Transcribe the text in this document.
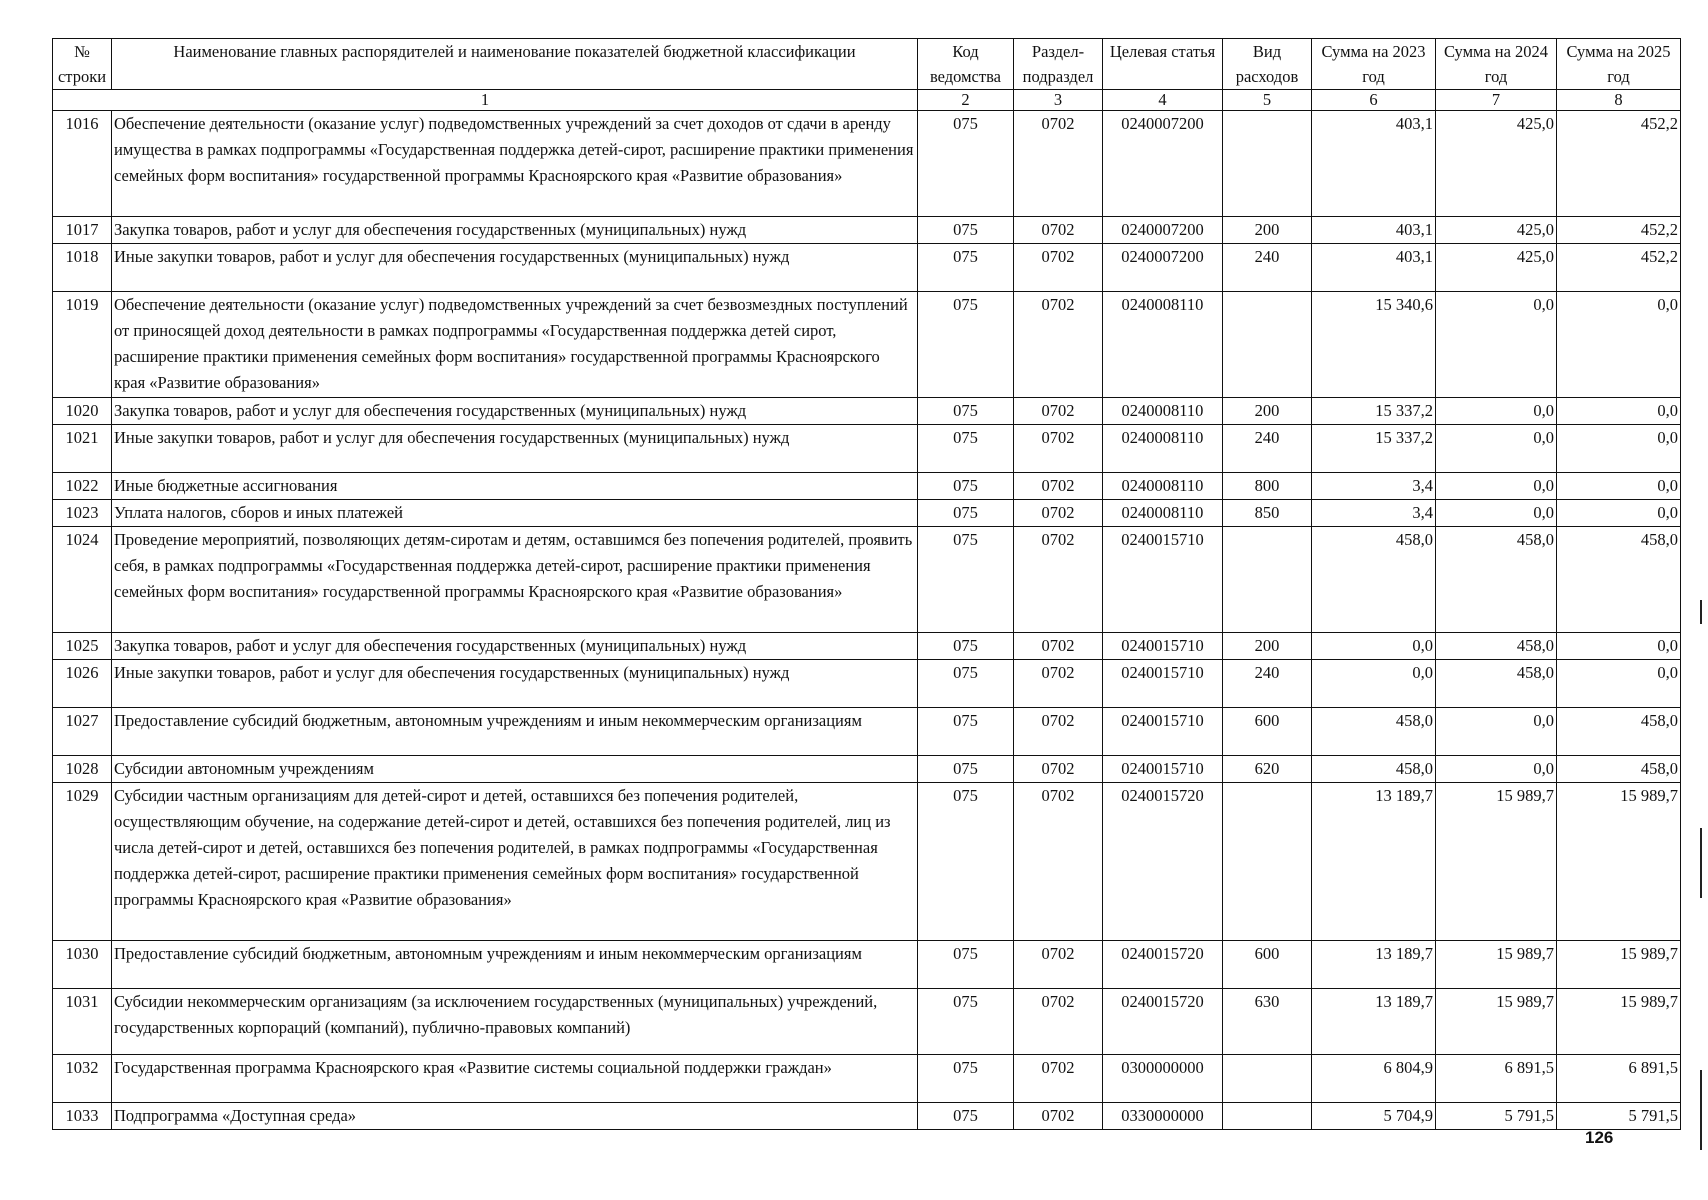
№ строки	Наименование главных распорядителей и наименование показателей бюджетной классификации	Код ведомства	Раздел-подраздел	Целевая статья	Вид расходов	Сумма на 2023 год	Сумма на 2024 год	Сумма на 2025 год
1		2	3	4	5	6	7	8
1016	Обеспечение деятельности (оказание услуг) подведомственных учреждений за счет доходов от сдачи в аренду имущества в рамках подпрограммы «Государственная поддержка детей-сирот, расширение практики применения семейных форм воспитания» государственной программы Красноярского края «Развитие образования»	075	0702	0240007200		403,1	425,0	452,2
1017	Закупка товаров, работ и услуг для обеспечения государственных (муниципальных) нужд	075	0702	0240007200	200	403,1	425,0	452,2
1018	Иные закупки товаров, работ и услуг для обеспечения государственных (муниципальных) нужд	075	0702	0240007200	240	403,1	425,0	452,2
1019	Обеспечение деятельности (оказание услуг) подведомственных учреждений за счет безвозмездных поступлений от приносящей доход деятельности в рамках подпрограммы «Государственная поддержка детей сирот, расширение практики применения семейных форм воспитания» государственной программы Красноярского края «Развитие образования»	075	0702	0240008110		15 340,6	0,0	0,0
1020	Закупка товаров, работ и услуг для обеспечения государственных (муниципальных) нужд	075	0702	0240008110	200	15 337,2	0,0	0,0
1021	Иные закупки товаров, работ и услуг для обеспечения государственных (муниципальных) нужд	075	0702	0240008110	240	15 337,2	0,0	0,0
1022	Иные бюджетные ассигнования	075	0702	0240008110	800	3,4	0,0	0,0
1023	Уплата налогов, сборов и иных платежей	075	0702	0240008110	850	3,4	0,0	0,0
1024	Проведение мероприятий, позволяющих детям-сиротам и детям, оставшимся без попечения родителей, проявить себя, в рамках подпрограммы «Государственная поддержка детей-сирот, расширение практики применения семейных форм воспитания» государственной программы Красноярского края «Развитие образования»	075	0702	0240015710		458,0	458,0	458,0
1025	Закупка товаров, работ и услуг для обеспечения государственных (муниципальных) нужд	075	0702	0240015710	200	0,0	458,0	0,0
1026	Иные закупки товаров, работ и услуг для обеспечения государственных (муниципальных) нужд	075	0702	0240015710	240	0,0	458,0	0,0
1027	Предоставление субсидий бюджетным, автономным учреждениям и иным некоммерческим организациям	075	0702	0240015710	600	458,0	0,0	458,0
1028	Субсидии автономным учреждениям	075	0702	0240015710	620	458,0	0,0	458,0
1029	Субсидии частным организациям для детей-сирот и детей, оставшихся без попечения родителей, осуществляющим обучение, на содержание детей-сирот и детей, оставшихся без попечения родителей, лиц из числа детей-сирот и детей, оставшихся без попечения родителей, в рамках подпрограммы «Государственная поддержка детей-сирот, расширение практики применения семейных форм воспитания» государственной программы Красноярского края «Развитие образования»	075	0702	0240015720		13 189,7	15 989,7	15 989,7
1030	Предоставление субсидий бюджетным, автономным учреждениям и иным некоммерческим организациям	075	0702	0240015720	600	13 189,7	15 989,7	15 989,7
1031	Субсидии некоммерческим организациям (за исключением государственных (муниципальных) учреждений, государственных корпораций (компаний), публично-правовых компаний)	075	0702	0240015720	630	13 189,7	15 989,7	15 989,7
1032	Государственная программа Красноярского края «Развитие системы социальной поддержки граждан»	075	0702	0300000000		6 804,9	6 891,5	6 891,5
1033	Подпрограмма «Доступная среда»	075	0702	0330000000		5 704,9	5 791,5	5 791,5
126
